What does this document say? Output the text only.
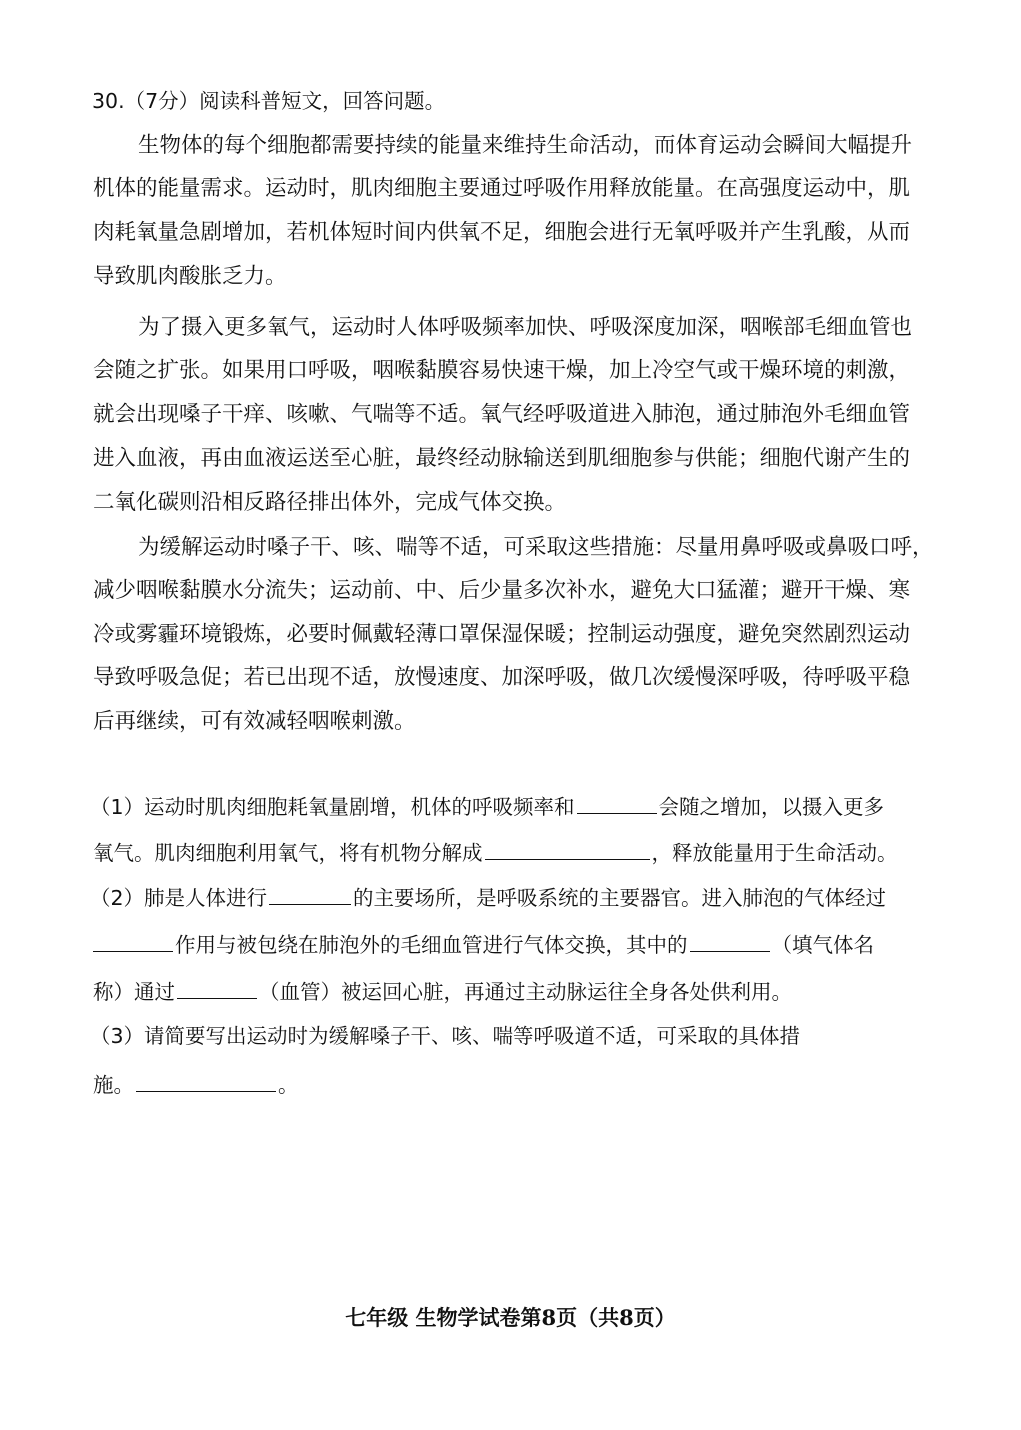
30.（7分）阅读科普短文，回答问题。
生物体的每个细胞都需要持续的能量来维持生命活动，而体育运动会瞬间大幅提升
机体的能量需求。运动时，肌肉细胞主要通过呼吸作用释放能量。在高强度运动中，肌
肉耗氧量急剧增加，若机体短时间内供氧不足，细胞会进行无氧呼吸并产生乳酸，从而
导致肌肉酸胀乏力。
为了摄入更多氧气，运动时人体呼吸频率加快、呼吸深度加深，咽喉部毛细血管也
会随之扩张。如果用口呼吸，咽喉黏膜容易快速干燥，加上冷空气或干燥环境的刺激，
就会出现嗓子干痒、咳嗽、气喘等不适。氧气经呼吸道进入肺泡，通过肺泡外毛细血管
进入血液，再由血液运送至心脏，最终经动脉输送到肌细胞参与供能；细胞代谢产生的
二氧化碳则沿相反路径排出体外，完成气体交换。
为缓解运动时嗓子干、咳、喘等不适，可采取这些措施：尽量用鼻呼吸或鼻吸口呼，
减少咽喉黏膜水分流失；运动前、中、后少量多次补水，避免大口猛灌；避开干燥、寒
冷或雾霾环境锻炼，必要时佩戴轻薄口罩保湿保暖；控制运动强度，避免突然剧烈运动
导致呼吸急促；若已出现不适，放慢速度、加深呼吸，做几次缓慢深呼吸，待呼吸平稳
后再继续，可有效减轻咽喉刺激。
（1）运动时肌肉细胞耗氧量剧增，机体的呼吸频率和	会随之增加，以摄入更多
氧气。肌肉细胞利用氧气，将有机物分解成	，释放能量用于生命活动。
（2）肺是人体进行	的主要场所，是呼吸系统的主要器官。进入肺泡的气体经过
作用与被包绕在肺泡外的毛细血管进行气体交换，其中的	（填气体名
称）通过	（血管）被运回心脏，再通过主动脉运往全身各处供利用。
（3）请简要写出运动时为缓解嗓子干、咳、喘等呼吸道不适，可采取的具体措
施。	。
七年级 生物学试卷第8页（共8页）
